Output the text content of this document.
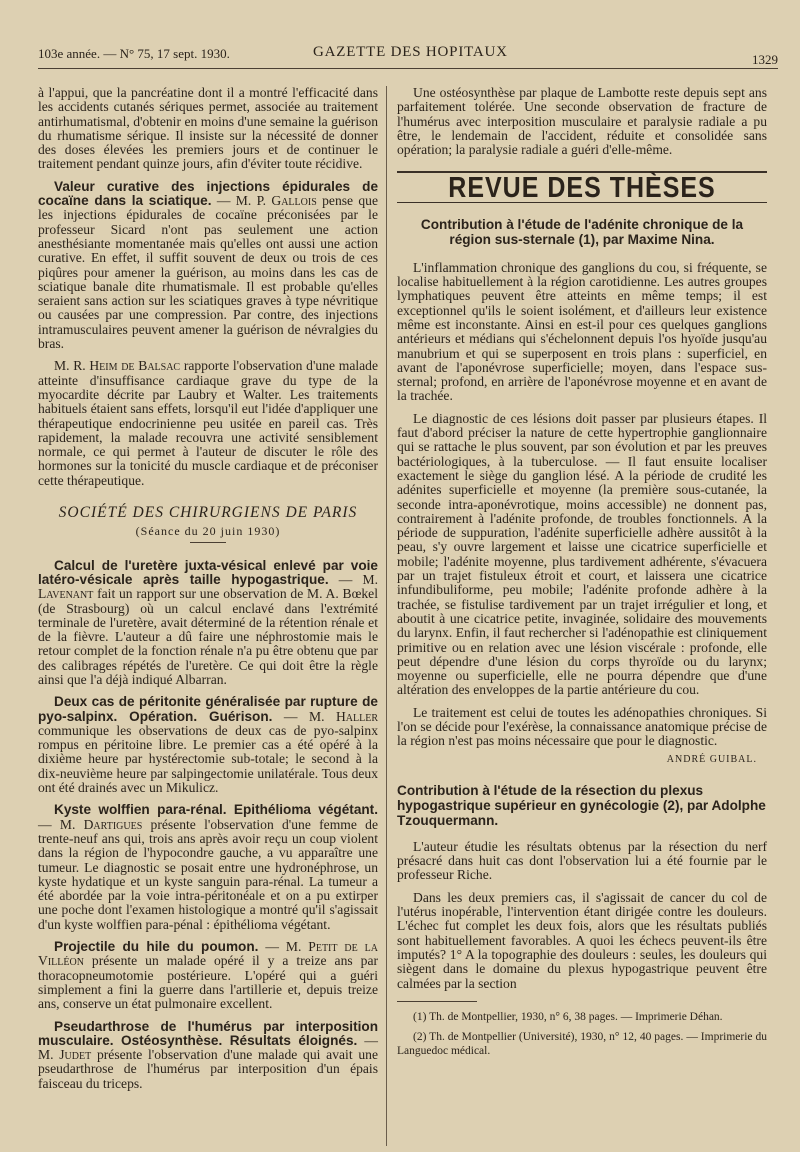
103e année. — N° 75, 17 sept. 1930.	GAZETTE DES HOPITAUX	1329

à l'appui, que la pancréatine dont il a montré l'efficacité dans les accidents cutanés sériques permet, associée au traitement antirhumatismal, d'obtenir en moins d'une semaine la guérison du rhumatisme sérique. Il insiste sur la nécessité de donner des doses élevées les premiers jours et de continuer le traitement pendant quinze jours, afin d'éviter toute récidive.

Valeur curative des injections épidurales de cocaïne dans la sciatique. — M. P. Gallois pense que les injections épidurales de cocaïne préconisées par le professeur Sicard n'ont pas seulement une action anesthésiante momentanée mais qu'elles ont aussi une action curative. En effet, il suffit souvent de deux ou trois de ces piqûres pour amener la guérison, au moins dans les cas de sciatique banale dite rhumatismale. Il est probable qu'elles seraient sans action sur les sciatiques graves à type névritique ou causées par une compression. Par contre, des injections intramusculaires peuvent amener la guérison de névralgies du bras.

M. R. Heim de Balsac rapporte l'observation d'une malade atteinte d'insuffisance cardiaque grave du type de la myocardite décrite par Laubry et Walter. Les traitements habituels étaient sans effets, lorsqu'il eut l'idée d'appliquer une thérapeutique endocrinienne peu usitée en pareil cas. Très rapidement, la malade recouvra une activité sensiblement normale, ce qui permet à l'auteur de discuter le rôle des hormones sur la tonicité du muscle cardiaque et de préconiser cette thérapeutique.

SOCIÉTÉ DES CHIRURGIENS DE PARIS
(Séance du 20 juin 1930)

Calcul de l'uretère juxta-vésical enlevé par voie latéro-vésicale après taille hypogastrique. — M. Lavenant fait un rapport sur une observation de M. A. Bœkel (de Strasbourg) où un calcul enclavé dans l'extrémité terminale de l'uretère, avait déterminé de la rétention rénale et de la fièvre. L'auteur a dû faire une néphrostomie mais le retour complet de la fonction rénale n'a pu être obtenu que par des calibrages répétés de l'uretère. Ce qui doit être la règle ainsi que l'a déjà indiqué Albarran.

Deux cas de péritonite généralisée par rupture de pyo-salpinx. Opération. Guérison. — M. Haller communique les observations de deux cas de pyo-salpinx rompus en péritoine libre. Le premier cas a été opéré à la dixième heure par hystérectomie sub-totale; le second à la dix-neuvième heure par salpingectomie unilatérale. Tous deux ont été drainés avec un Mikulicz.

Kyste wolffien para-rénal. Epithélioma végétant. — M. Dartigues présente l'observation d'une femme de trente-neuf ans qui, trois ans après avoir reçu un coup violent dans la région de l'hypocondre gauche, a vu apparaître une tumeur. Le diagnostic se posait entre une hydronéphrose, un kyste hydatique et un kyste sanguin para-rénal. La tumeur a été abordée par la voie intra-péritonéale et on a pu extirper une poche dont l'examen histologique a montré qu'il s'agissait d'un kyste wolffien para-pénal : épithélioma végétant.

Projectile du hile du poumon. — M. Petit de la Villéon présente un malade opéré il y a treize ans par thoracopneumotomie postérieure. L'opéré qui a guéri simplement a fini la guerre dans l'artillerie et, depuis treize ans, conserve un état pulmonaire excellent.

Pseudarthrose de l'humérus par interposition musculaire. Ostéosynthèse. Résultats éloignés. — M. Judet présente l'observation d'une malade qui avait une pseudarthrose de l'humérus par interposition d'un épais faisceau du triceps.

Une ostéosynthèse par plaque de Lambotte reste depuis sept ans parfaitement tolérée. Une seconde observation de fracture de l'humérus avec interposition musculaire et paralysie radiale a pu être, le lendemain de l'accident, réduite et consolidée sans opération; la paralysie radiale a guéri d'elle-même.

REVUE DES THÈSES
Contribution à l'étude de l'adénite chronique de la région sus-sternale (1), par Maxime Nina.

L'inflammation chronique des ganglions du cou, si fréquente, se localise habituellement à la région carotidienne. Les autres groupes lymphatiques peuvent être atteints en même temps; il est exceptionnel qu'ils le soient isolément, et d'ailleurs leur existence même est inconstante. Ainsi en est-il pour ces quelques ganglions antérieurs et médians qui s'échelonnent depuis l'os hyoïde jusqu'au manubrium et qui se superposent en trois plans : superficiel, en avant de l'aponévrose superficielle; moyen, dans l'espace sus-sternal; profond, en arrière de l'aponévrose moyenne et en avant de la trachée.

Le diagnostic de ces lésions doit passer par plusieurs étapes. Il faut d'abord préciser la nature de cette hypertrophie ganglionnaire qui se rattache le plus souvent, par son évolution et par les preuves bactériologiques, à la tuberculose. — Il faut ensuite localiser exactement le siège du ganglion lésé. A la période de crudité les adénites superficielle et moyenne (la première sous-cutanée, la seconde intra-aponévrotique, moins accessible) ne donnent pas, contrairement à l'adénite profonde, de troubles fonctionnels. A la période de suppuration, l'adénite superficielle adhère aussitôt à la peau, s'y ouvre largement et laisse une cicatrice superficielle et mobile; l'adénite moyenne, plus tardivement adhérente, s'évacuera par un trajet fistuleux étroit et court, et laissera une cicatrice infundibuliforme, peu mobile; l'adénite profonde adhère à la trachée, se fistulise tardivement par un trajet irrégulier et long, et aboutit à une cicatrice petite, invaginée, solidaire des mouvements du larynx. Enfin, il faut rechercher si l'adénopathie est cliniquement primitive ou en relation avec une lésion viscérale : profonde, elle peut dépendre d'une lésion du corps thyroïde ou du larynx; moyenne ou superficielle, elle ne pourra dépendre que d'une altération des enveloppes de la partie antérieure du cou.

Le traitement est celui de toutes les adénopathies chroniques. Si l'on se décide pour l'exérèse, la connaissance anatomique précise de la région n'est pas moins nécessaire que pour le diagnostic.

ANDRÉ GUIBAL.
Contribution à l'étude de la résection du plexus hypogastrique supérieur en gynécologie (2), par Adolphe Tzouquermann.

L'auteur étudie les résultats obtenus par la résection du nerf présacré dans huit cas dont l'observation lui a été fournie par le professeur Riche.

Dans les deux premiers cas, il s'agissait de cancer du col de l'utérus inopérable, l'intervention étant dirigée contre les douleurs. L'échec fut complet les deux fois, alors que les résultats publiés sont habituellement favorables. A quoi les échecs peuvent-ils être imputés? 1° A la topographie des douleurs : seules, les douleurs qui siègent dans le domaine du plexus hypogastrique peuvent être calmées par la section

(1) Th. de Montpellier, 1930, n° 6, 38 pages. — Imprimerie Déhan.

(2) Th. de Montpellier (Université), 1930, n° 12, 40 pages. — Imprimerie du Languedoc médical.
